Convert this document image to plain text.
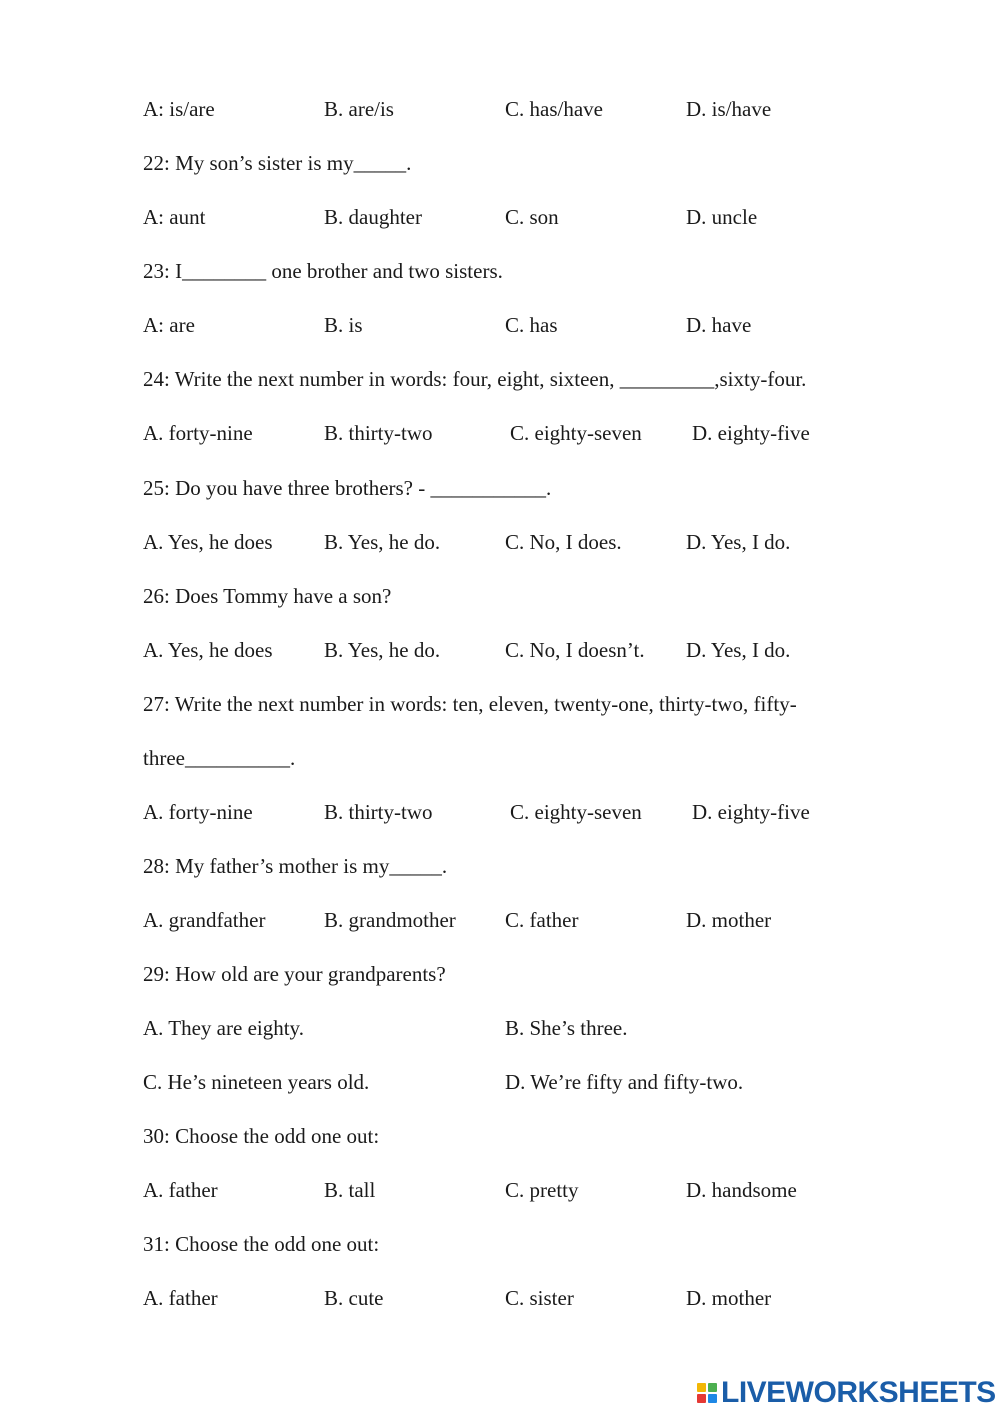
A: is/are	B. are/is	C. has/have	D. is/have
22: My son’s sister is my_____.
A: aunt	B. daughter	C. son	D. uncle
23: I________ one brother and two sisters.
A: are	B. is	C. has	D. have
24: Write the next number in words: four, eight, sixteen, _________,sixty-four.
A. forty-nine	B. thirty-two	C. eighty-seven D. eighty-five
25: Do you have three brothers? - ___________.
A. Yes, he does B. Yes, he do.	C. No, I does.	D. Yes, I do.
26: Does Tommy have a son?
A. Yes, he does B. Yes, he do.	C. No, I doesn’t. D. Yes, I do.
27: Write the next number in words: ten, eleven, twenty-one, thirty-two, fifty-
three__________.
A. forty-nine	B. thirty-two	C. eighty-seven D. eighty-five
28: My father’s mother is my_____.
A. grandfather	B. grandmother C. father	D. mother
29: How old are your grandparents?
A. They are eighty.	B. She’s three.
C. He’s nineteen years old.	D. We’re fifty and fifty-two.
30: Choose the odd one out:
A. father	B. tall	C. pretty	D. handsome
31: Choose the odd one out:
A. father	B. cute	C. sister	D. mother
LIVEWORKSHEETS
